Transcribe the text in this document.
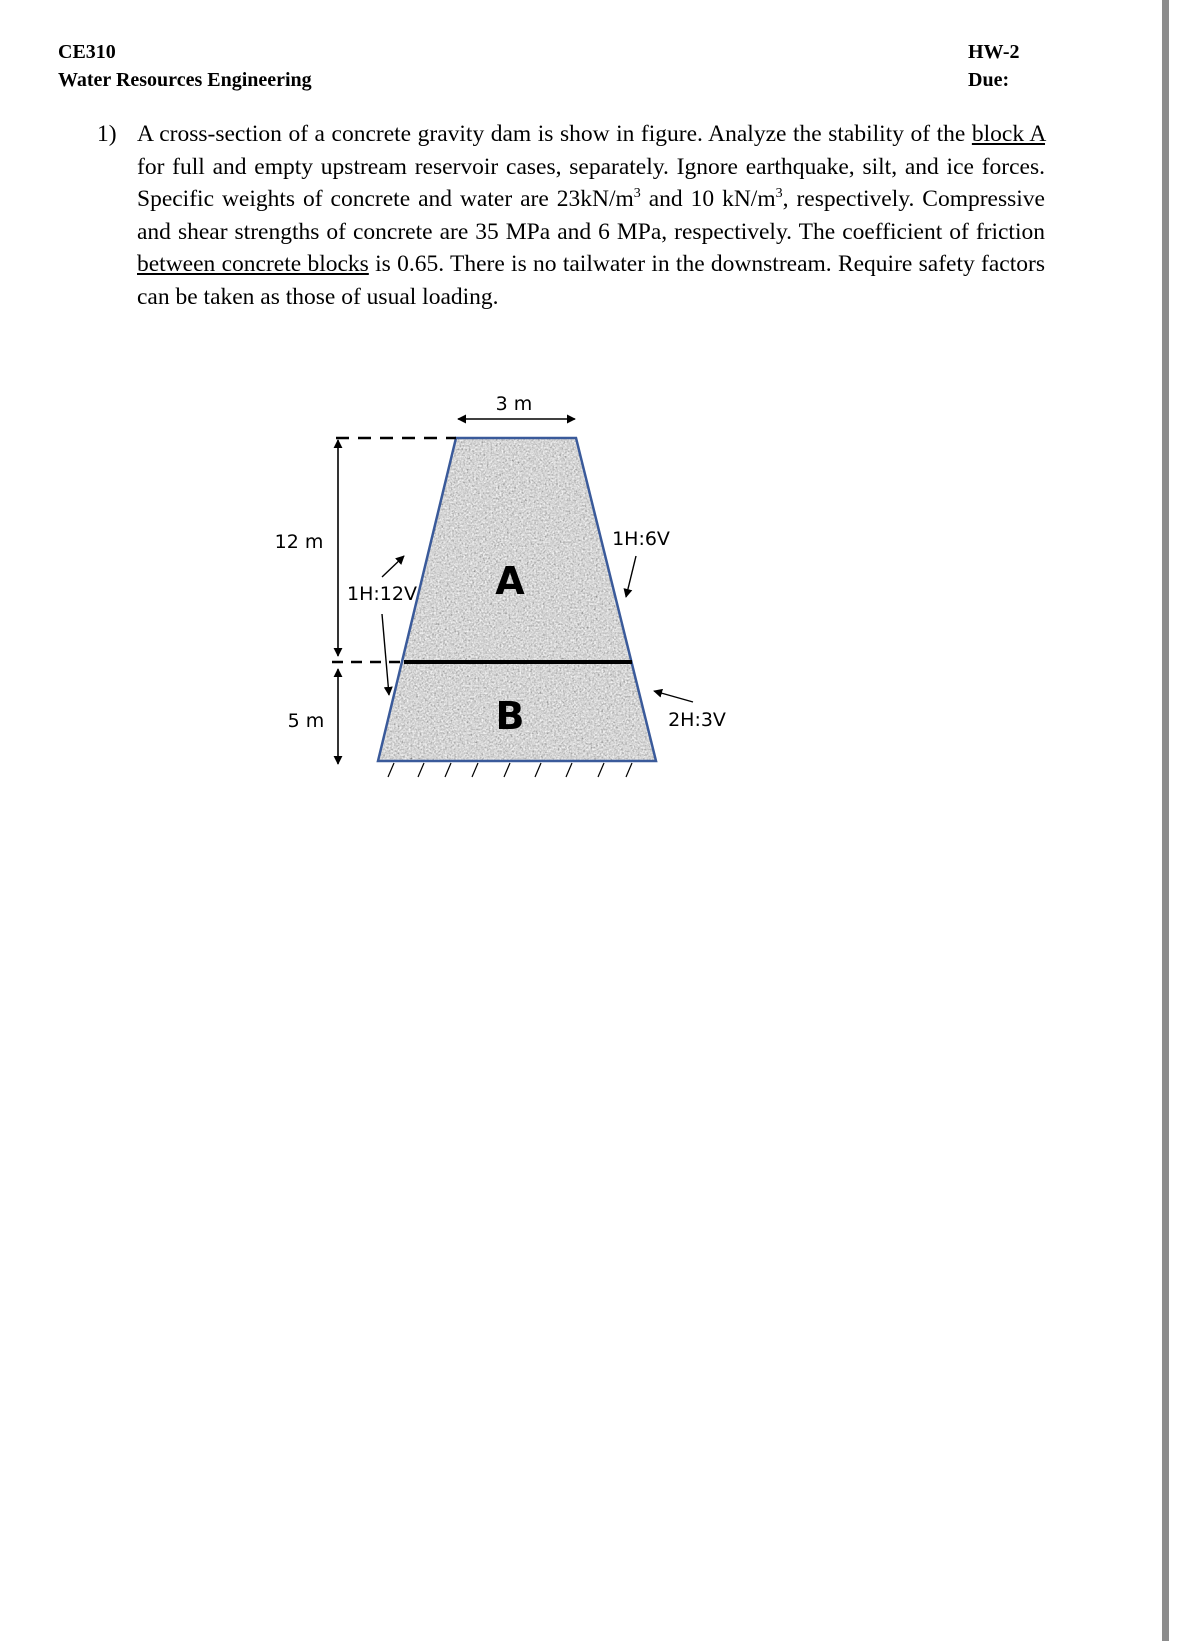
CE310
Water Resources Engineering
HW-2
Due:
1) A cross-section of a concrete gravity dam is show in figure. Analyze the stability of the block A for full and empty upstream reservoir cases, separately. Ignore earthquake, silt, and ice forces. Specific weights of concrete and water are $23kN/m^3$ and 10 $kN/m^3$, respectively. Compressive and shear strengths of concrete are 35 MPa and 6 MPa, respectively. The coefficient of friction between concrete blocks is 0.65. There is no tailwater in the downstream. Require safety factors can be taken as those of usual loading.
3 m
12 m
5 m
1H:12V
1H:6V
2H:3V
A
B
